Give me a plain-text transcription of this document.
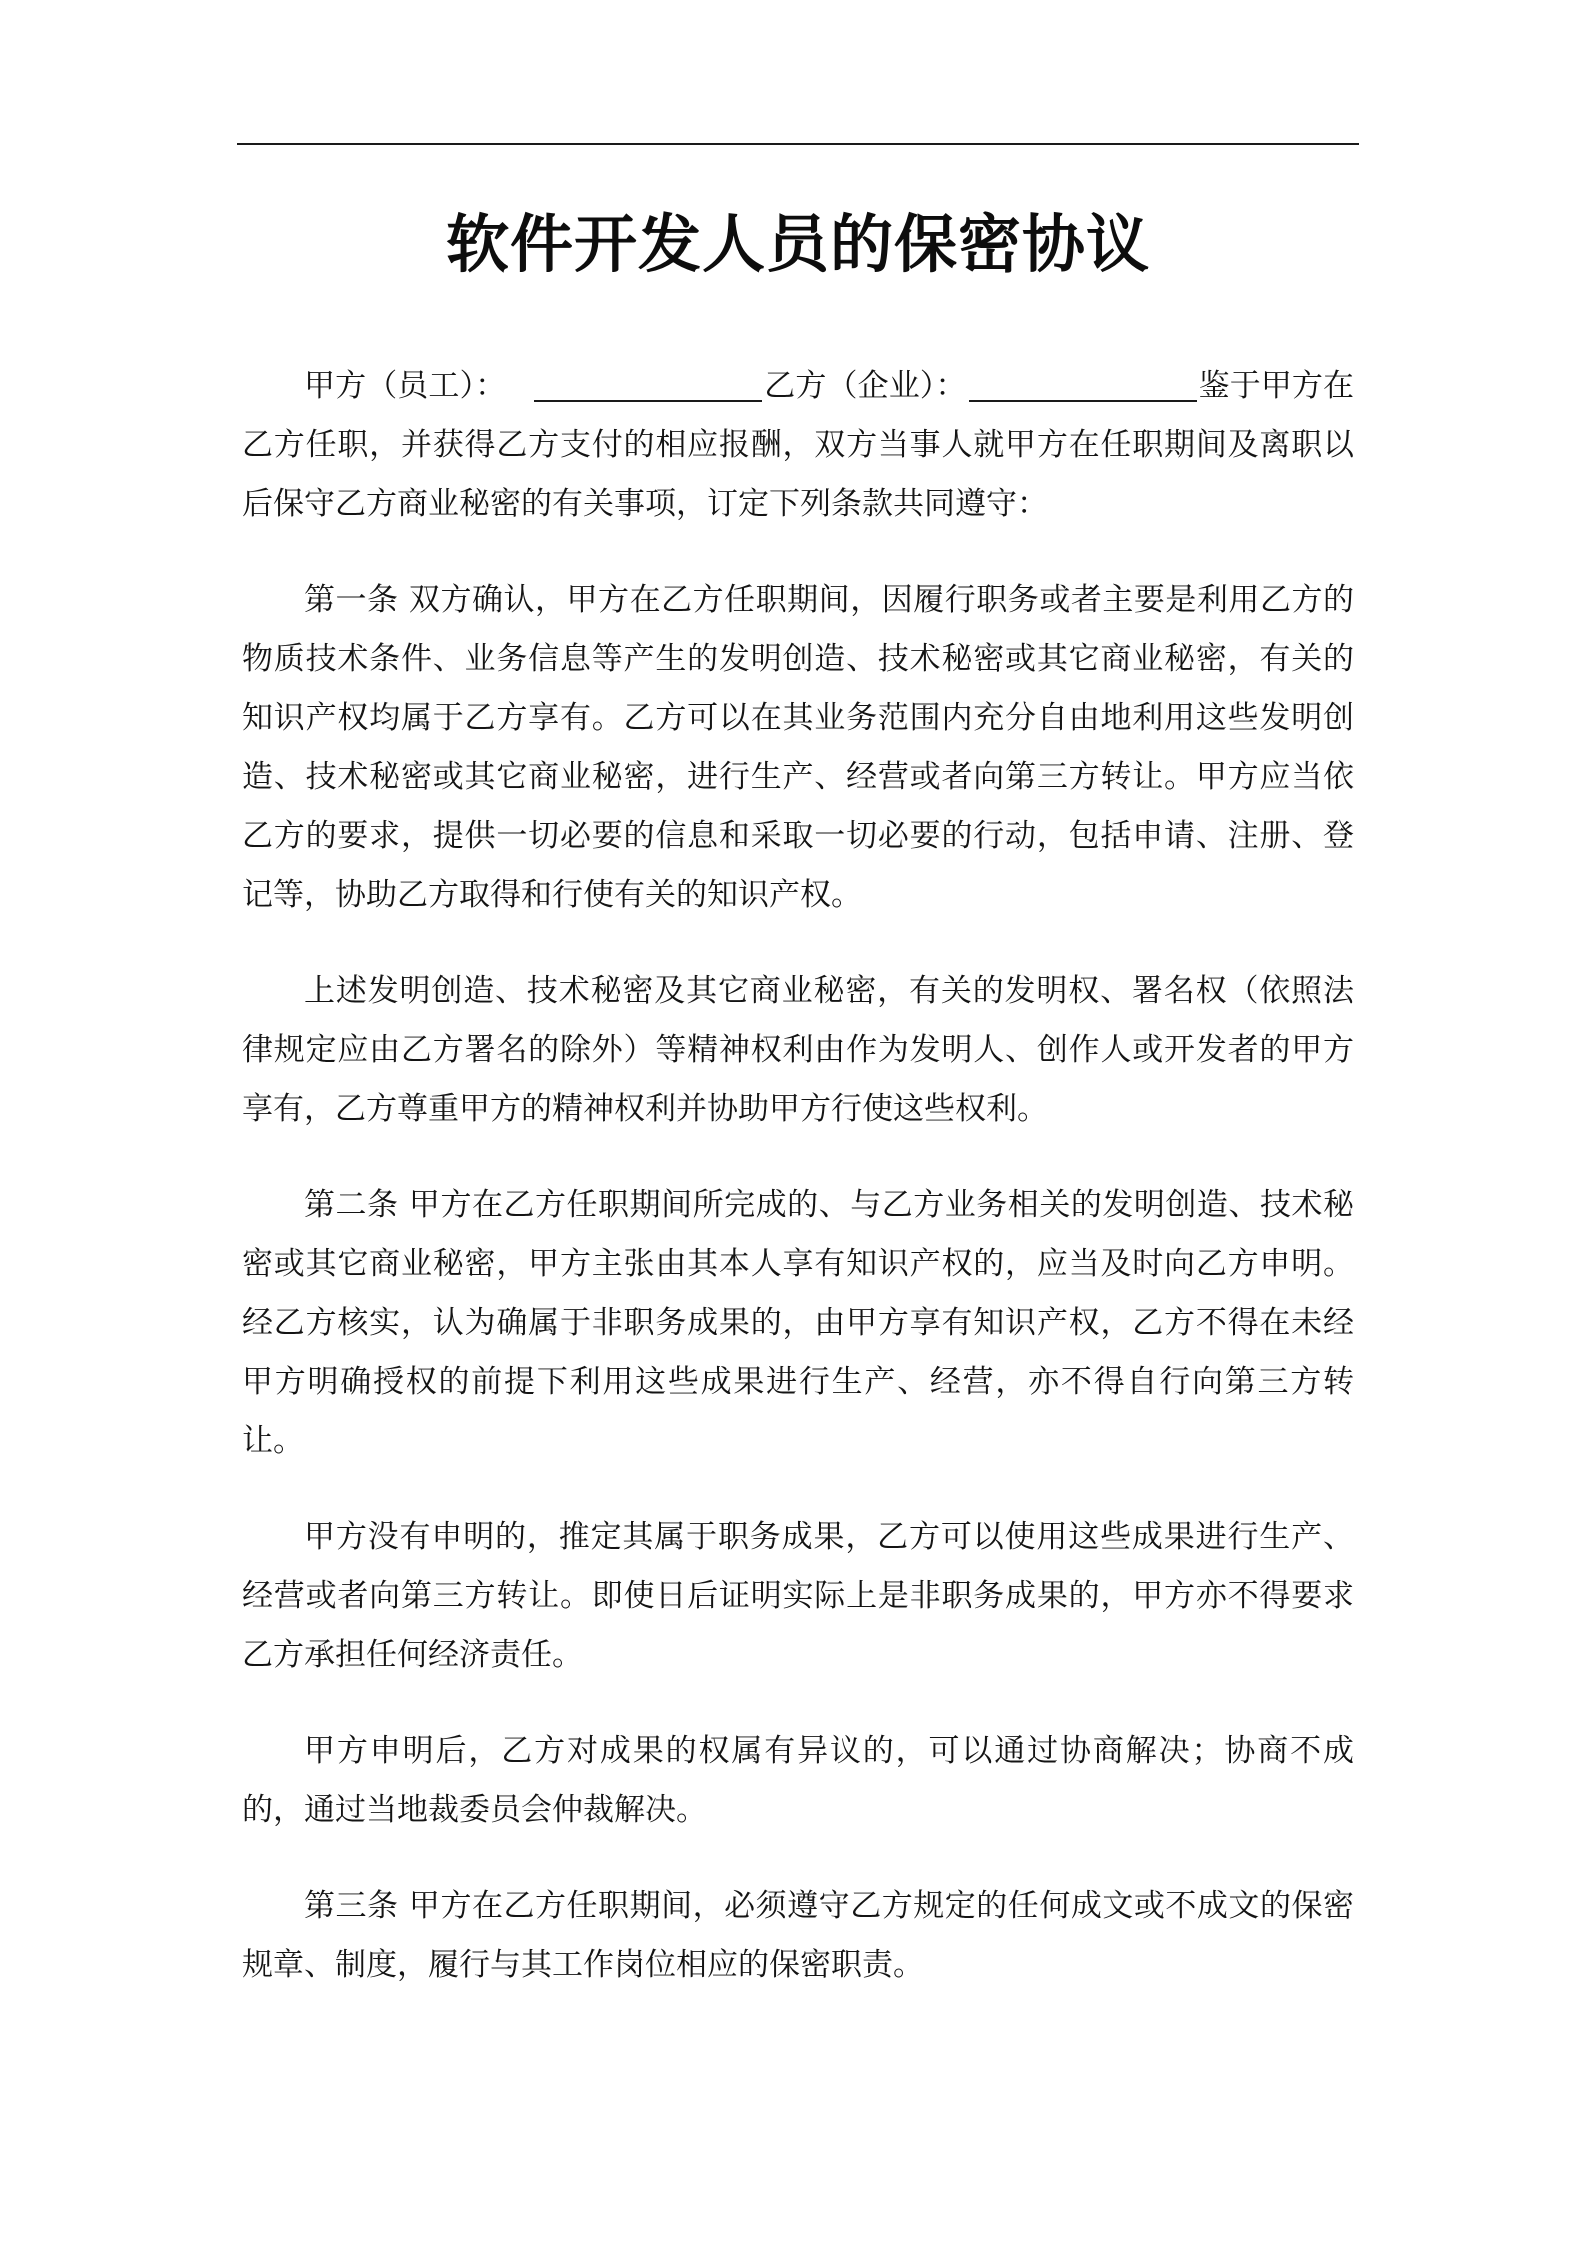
软件开发人员的保密协议

甲方（员工）：	乙方（企业）：	鉴于甲方在乙方任职，并获得乙方支付的相应报酬，双方当事人就甲方在任职期间及离职以后保守乙方商业秘密的有关事项，订定下列条款共同遵守：

第一条 双方确认，甲方在乙方任职期间，因履行职务或者主要是利用乙方的物质技术条件、业务信息等产生的发明创造、技术秘密或其它商业秘密，有关的知识产权均属于乙方享有。乙方可以在其业务范围内充分自由地利用这些发明创造、技术秘密或其它商业秘密，进行生产、经营或者向第三方转让。甲方应当依乙方的要求，提供一切必要的信息和采取一切必要的行动，包括申请、注册、登记等，协助乙方取得和行使有关的知识产权。

上述发明创造、技术秘密及其它商业秘密，有关的发明权、署名权（依照法律规定应由乙方署名的除外）等精神权利由作为发明人、创作人或开发者的甲方享有，乙方尊重甲方的精神权利并协助甲方行使这些权利。

第二条 甲方在乙方任职期间所完成的、与乙方业务相关的发明创造、技术秘密或其它商业秘密，甲方主张由其本人享有知识产权的，应当及时向乙方申明。经乙方核实，认为确属于非职务成果的，由甲方享有知识产权，乙方不得在未经甲方明确授权的前提下利用这些成果进行生产、经营，亦不得自行向第三方转让。

甲方没有申明的，推定其属于职务成果，乙方可以使用这些成果进行生产、经营或者向第三方转让。即使日后证明实际上是非职务成果的，甲方亦不得要求乙方承担任何经济责任。

甲方申明后，乙方对成果的权属有异议的，可以通过协商解决；协商不成的，通过当地裁委员会仲裁解决。

第三条 甲方在乙方任职期间，必须遵守乙方规定的任何成文或不成文的保密规章、制度，履行与其工作岗位相应的保密职责。
